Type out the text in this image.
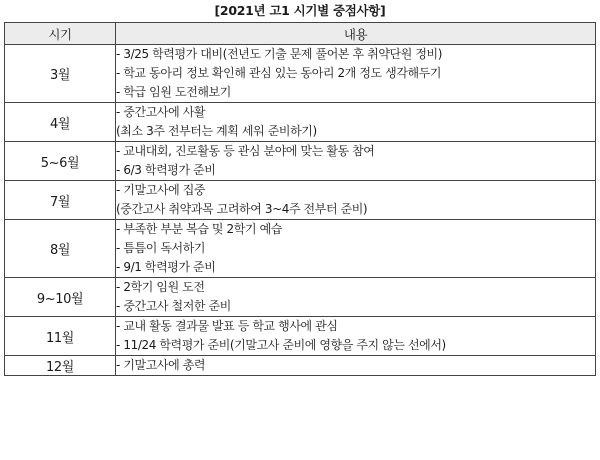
[2021년 고1 시기별 중점사항]
시기	내용
3월	- 3/25 학력평가 대비(전년도 기출 문제 풀어본 후 취약단원 정비)
- 학교 동아리 정보 확인해 관심 있는 동아리 2개 정도 생각해두기
- 학급 임원 도전해보기

4월	- 중간고사에 사활
(최소 3주 전부터는 계획 세워 준비하기)

5~6월	- 교내대회, 진로활동 등 관심 분야에 맞는 활동 참여
- 6/3 학력평가 준비

7월	- 기말고사에 집중
(중간고사 취약과목 고려하여 3~4주 전부터 준비)

8월	- 부족한 부분 복습 및 2학기 예습
- 틈틈이 독서하기
- 9/1 학력평가 준비

9~10월	- 2학기 임원 도전
- 중간고사 철저한 준비

11월	- 교내 활동 결과물 발표 등 학교 행사에 관심
- 11/24 학력평가 준비(기말고사 준비에 영향을 주지 않는 선에서)

12월	- 기말고사에 총력
